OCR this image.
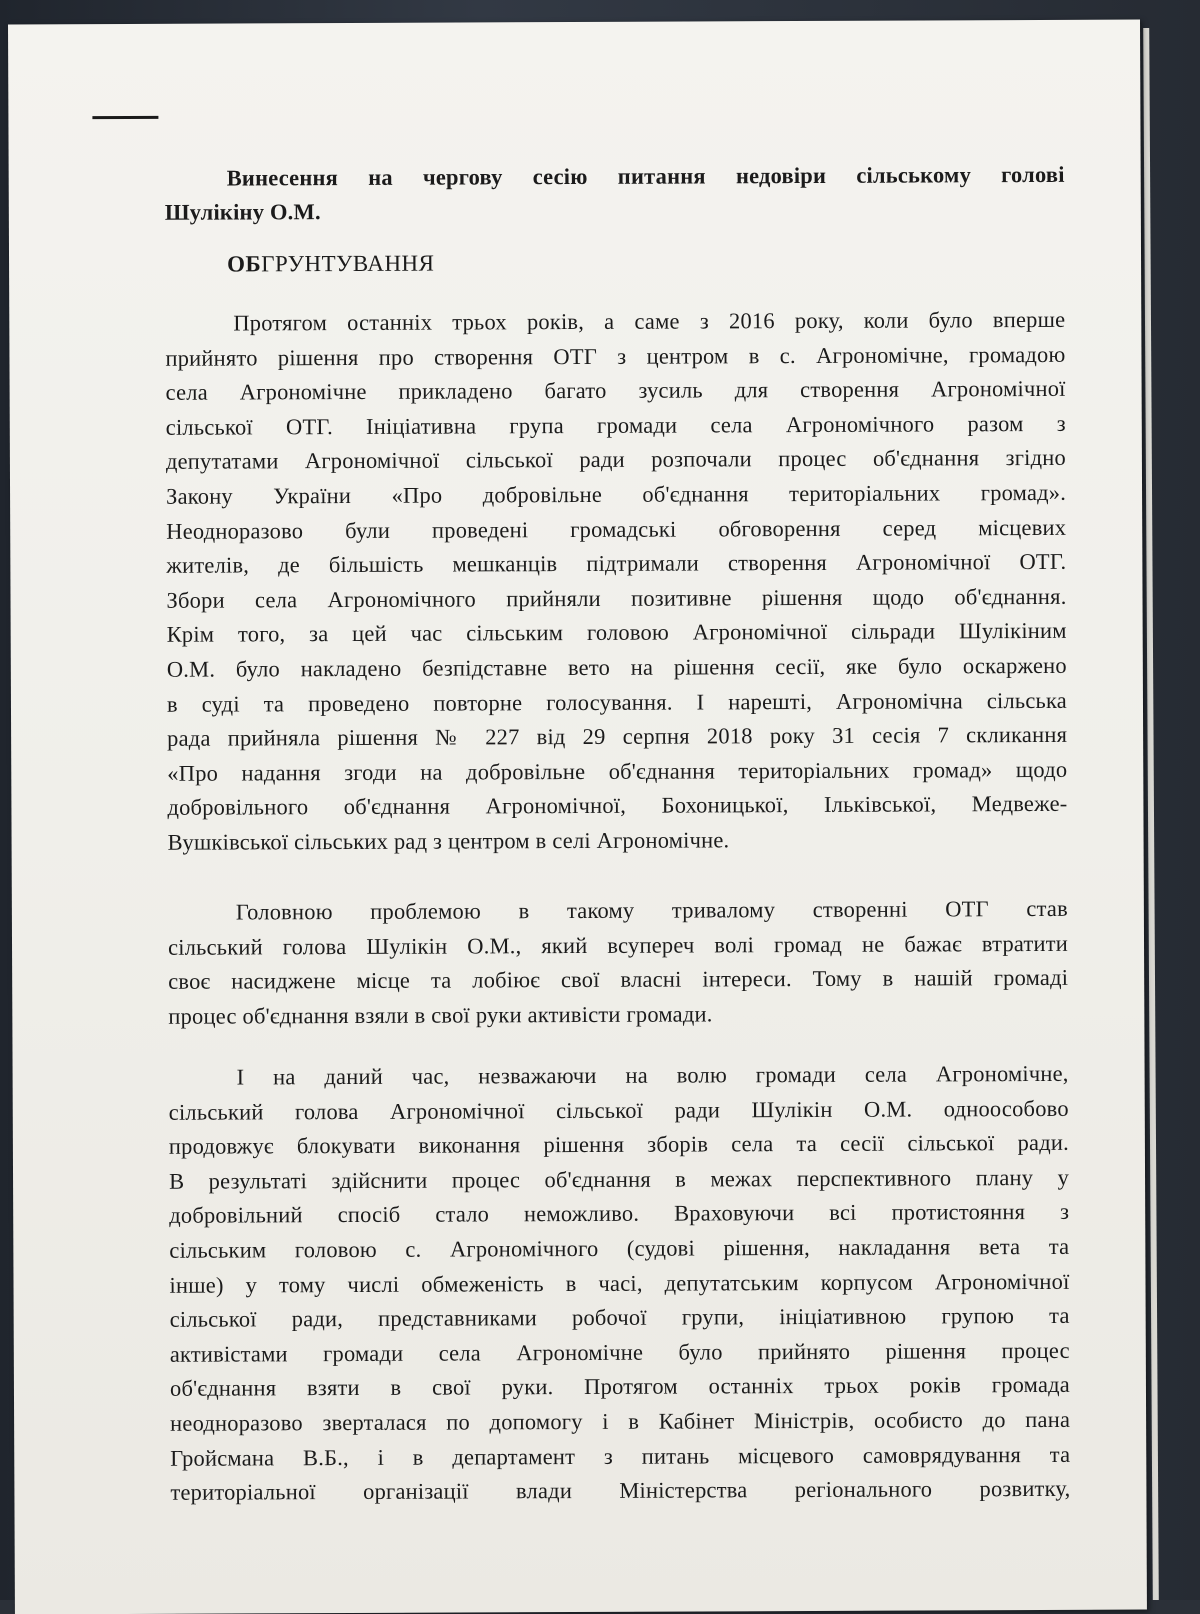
Винесення на чергову сесію питання недовіри сільському голові
Шулікіну О.М.
ОБГРУНТУВАННЯ
Протягом останніх трьох років, а саме з 2016 року, коли було вперше
прийнято рішення про створення ОТГ з центром в с. Агрономічне, громадою
села Агрономічне прикладено багато зусиль для створення Агрономічної
сільської ОТГ. Ініціативна група громади села Агрономічного разом з
депутатами Агрономічної сільської ради розпочали процес об'єднання згідно
Закону України «Про добровільне об'єднання територіальних громад».
Неодноразово були проведені громадські обговорення серед місцевих
жителів, де більшість мешканців підтримали створення Агрономічної ОТГ.
Збори села Агрономічного прийняли позитивне рішення щодо об'єднання.
Крім того, за цей час сільським головою Агрономічної сільради Шулікіним
О.М. було накладено безпідставне вето на рішення сесії, яке було оскаржено
в суді та проведено повторне голосування. І нарешті, Агрономічна сільська
рада прийняла рішення № 227 від 29 серпня 2018 року 31 сесія 7 скликання
«Про надання згоди на добровільне об'єднання територіальних громад» щодо
добровільного об'єднання Агрономічної, Бохоницької, Ільківської, Медвеже-
Вушківської сільських рад з центром в селі Агрономічне.
Головною проблемою в такому тривалому створенні ОТГ став
сільський голова Шулікін О.М., який всупереч волі громад не бажає втратити
своє насиджене місце та лобіює свої власні інтереси. Тому в нашій громаді
процес об'єднання взяли в свої руки активісти громади.
І на даний час, незважаючи на волю громади села Агрономічне,
сільський голова Агрономічної сільської ради Шулікін О.М. одноособово
продовжує блокувати виконання рішення зборів села та сесії сільської ради.
В результаті здійснити процес об'єднання в межах перспективного плану у
добровільний спосіб стало неможливо. Враховуючи всі протистояння з
сільським головою с. Агрономічного (судові рішення, накладання вета та
інше) у тому числі обмеженість в часі, депутатським корпусом Агрономічної
сільської ради, представниками робочої групи, ініціативною групою та
активістами громади села Агрономічне було прийнято рішення процес
об'єднання взяти в свої руки. Протягом останніх трьох років громада
неодноразово зверталася по допомогу і в Кабінет Міністрів, особисто до пана
Гройсмана В.Б., і в департамент з питань місцевого самоврядування та
територіальної організації влади Міністерства регіонального розвитку,
